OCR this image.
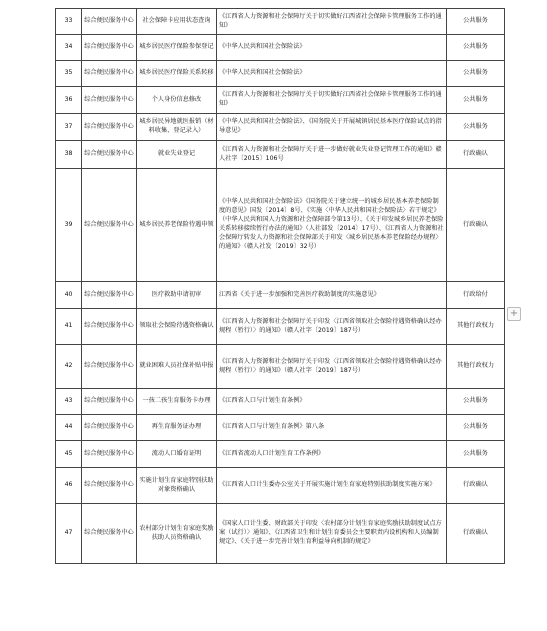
33	综合便民服务中心	社会保障卡应用状态查询	《江西省人力资源和社会保障厅关于切实做好江西省社会保障卡管理服务工作的通知》	公共服务
34	综合便民服务中心	城乡居民医疗保险参保登记	《中华人民共和国社会保险法》	公共服务
35	综合便民服务中心	城乡居民医疗保险关系转移	《中华人民共和国社会保险法》	公共服务
36	综合便民服务中心	个人身份信息修改	《江西省人力资源和社会保障厅关于切实做好江西省社会保障卡管理服务工作的通知》	公共服务
37	综合便民服务中心	城乡居民异地就医报销（材料收集、登记录入）	《中华人民共和国社会保险法》、《国务院关于开展城镇居民基本医疗保险试点的指导意见》	公共服务
38	综合便民服务中心	就业失业登记	《江西省人力资源和社会保障厅关于进一步做好就业失业登记管理工作的通知》赣人社字〔2015〕106号	行政确认
39	综合便民服务中心	城乡居民养老保险待遇申领	《中华人民共和国社会保险法》《国务院关于建立统一的城乡居民基本养老保险制度的意见》国发〔2014〕8号、《实施〈中华人民共和国社会保险法〉若干规定》（中华人民共和国人力资源和社会保障部令第13号）、《关于印发城乡居民养老保险关系转移接续暂行办法的通知》（人社部发〔2014〕17号）、《江西省人力资源和社会保障厅转发人力资源和社会保障部关于印发〈城乡居民基本养老保险经办规程〉的通知》（赣人社发〔2019〕32号）	行政确认
40	综合便民服务中心	医疗救助申请初审	江西省《关于进一步加强和完善医疗救助制度的实施意见》	行政给付
41	综合便民服务中心	领取社会保险待遇资格确认	《江西省人力资源和社会保障厅关于印发〈江西省领取社会保险待遇资格确认经办规程（暂行）〉的通知》（赣人社字〔2019〕187号）	其他行政权力
42	综合便民服务中心	就业困难人员社保补贴申报	《江西省人力资源和社会保障厅关于印发〈江西省领取社会保险待遇资格确认经办规程（暂行）〉的通知》（赣人社字〔2019〕187号）	其他行政权力
43	综合便民服务中心	一孩二孩生育服务卡办理	《江西省人口与计划生育条例》	公共服务
44	综合便民服务中心	再生育服务证办理	《江西省人口与计划生育条例》第八条	公共服务
45	综合便民服务中心	流动人口婚育证明	《江西省流动人口计划生育工作条例》	公共服务
46	综合便民服务中心	实施计划生育家庭特别扶助对象资格确认	《江西省人口计生委办公室关于开展实施计划生育家庭特别扶助制度实施方案》	行政确认
47	综合便民服务中心	农村部分计划生育家庭奖励扶助人员资格确认	《国家人口计生委、财政部关于印发〈农村部分计划生育家庭奖励扶助制度试点方案（试行）〉通知》、《江西省卫生和计划生育委员会主要职责内设机构和人员编制规定》、《关于进一步完善计划生育利益导向机制的规定》	行政确认
+
